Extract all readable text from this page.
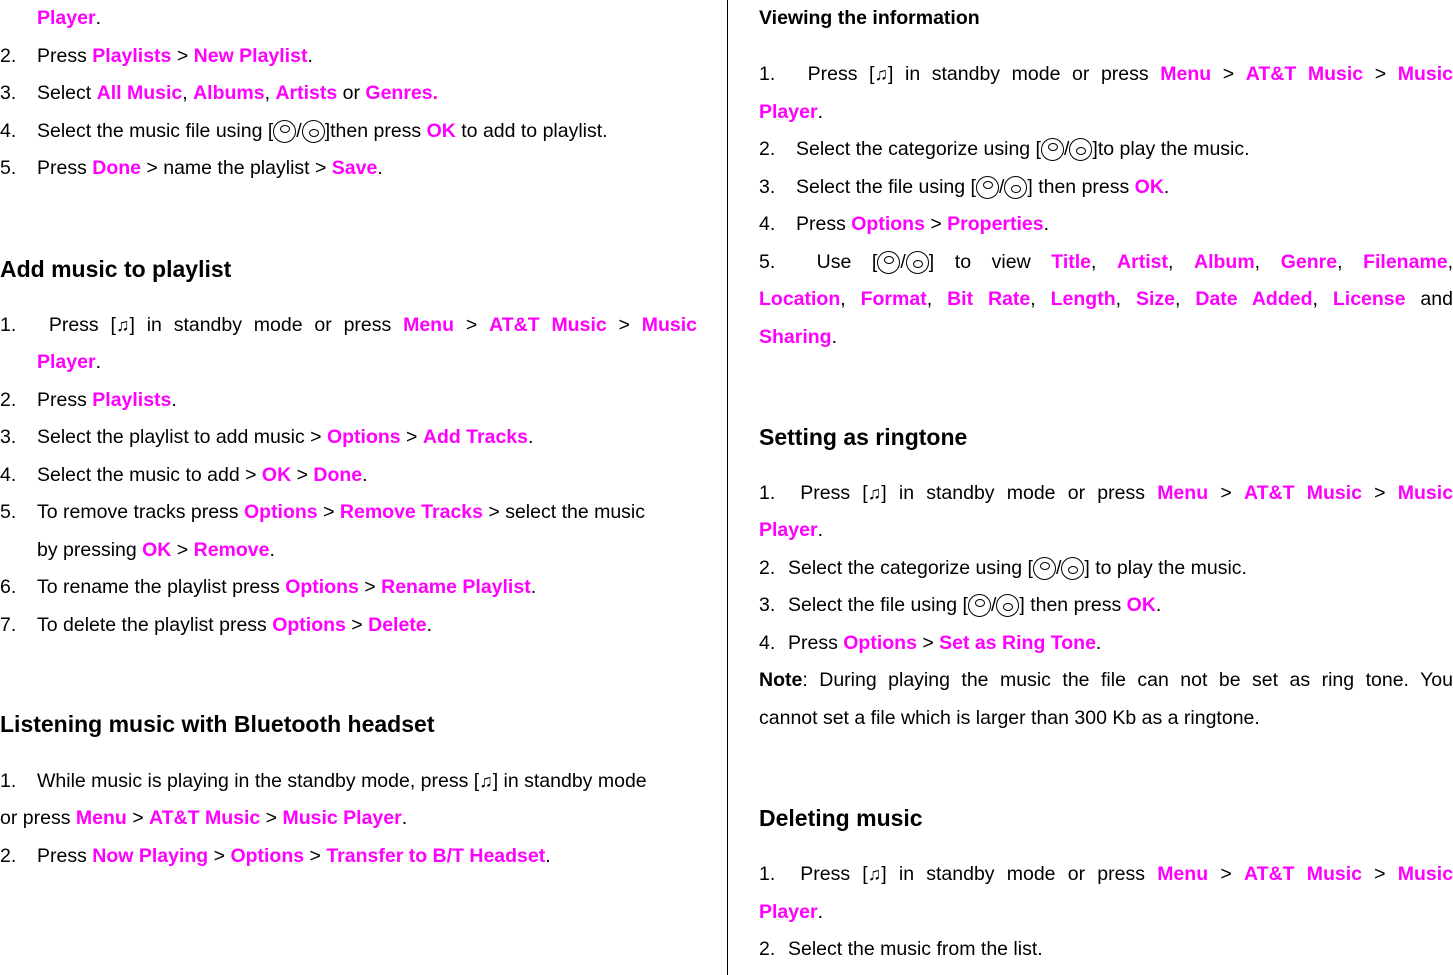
Player.
2. Press Playlists > New Playlist.
3. Select All Music, Albums, Artists or Genres.
4. Select the music file using [ / ]then press OK to add to playlist.
5. Press Done > name the playlist > Save.
Add music to playlist
1. Press [♫] in standby mode or press Menu > AT&T Music > Music
Player.
2. Press Playlists.
3. Select the playlist to add music > Options > Add Tracks.
4. Select the music to add > OK > Done.
5. To remove tracks press Options > Remove Tracks > select the music
by pressing OK > Remove.
6. To rename the playlist press Options > Rename Playlist.
7. To delete the playlist press Options > Delete.
Listening music with Bluetooth headset
1. While music is playing in the standby mode, press [♫] in standby mode
or press Menu > AT&T Music > Music Player.
2. Press Now Playing > Options > Transfer to B/T Headset.
Viewing the information
1. Press [♫] in standby mode or press Menu > AT&T Music > Music
Player.
2. Select the categorize using [ / ]to play the music.
3. Select the file using [ / ] then press OK.
4. Press Options > Properties.
5. Use [ / ] to view Title, Artist, Album, Genre, Filename,
Location, Format, Bit Rate, Length, Size, Date Added, License and
Sharing.
Setting as ringtone
1. Press [♫] in standby mode or press Menu > AT&T Music > Music
Player.
2. Select the categorize using [ / ] to play the music.
3. Select the file using [ / ] then press OK.
4. Press Options > Set as Ring Tone.
Note: During playing the music the file can not be set as ring tone. You
cannot set a file which is larger than 300 Kb as a ringtone.
Deleting music
1. Press [♫] in standby mode or press Menu > AT&T Music > Music
Player.
2. Select the music from the list.
